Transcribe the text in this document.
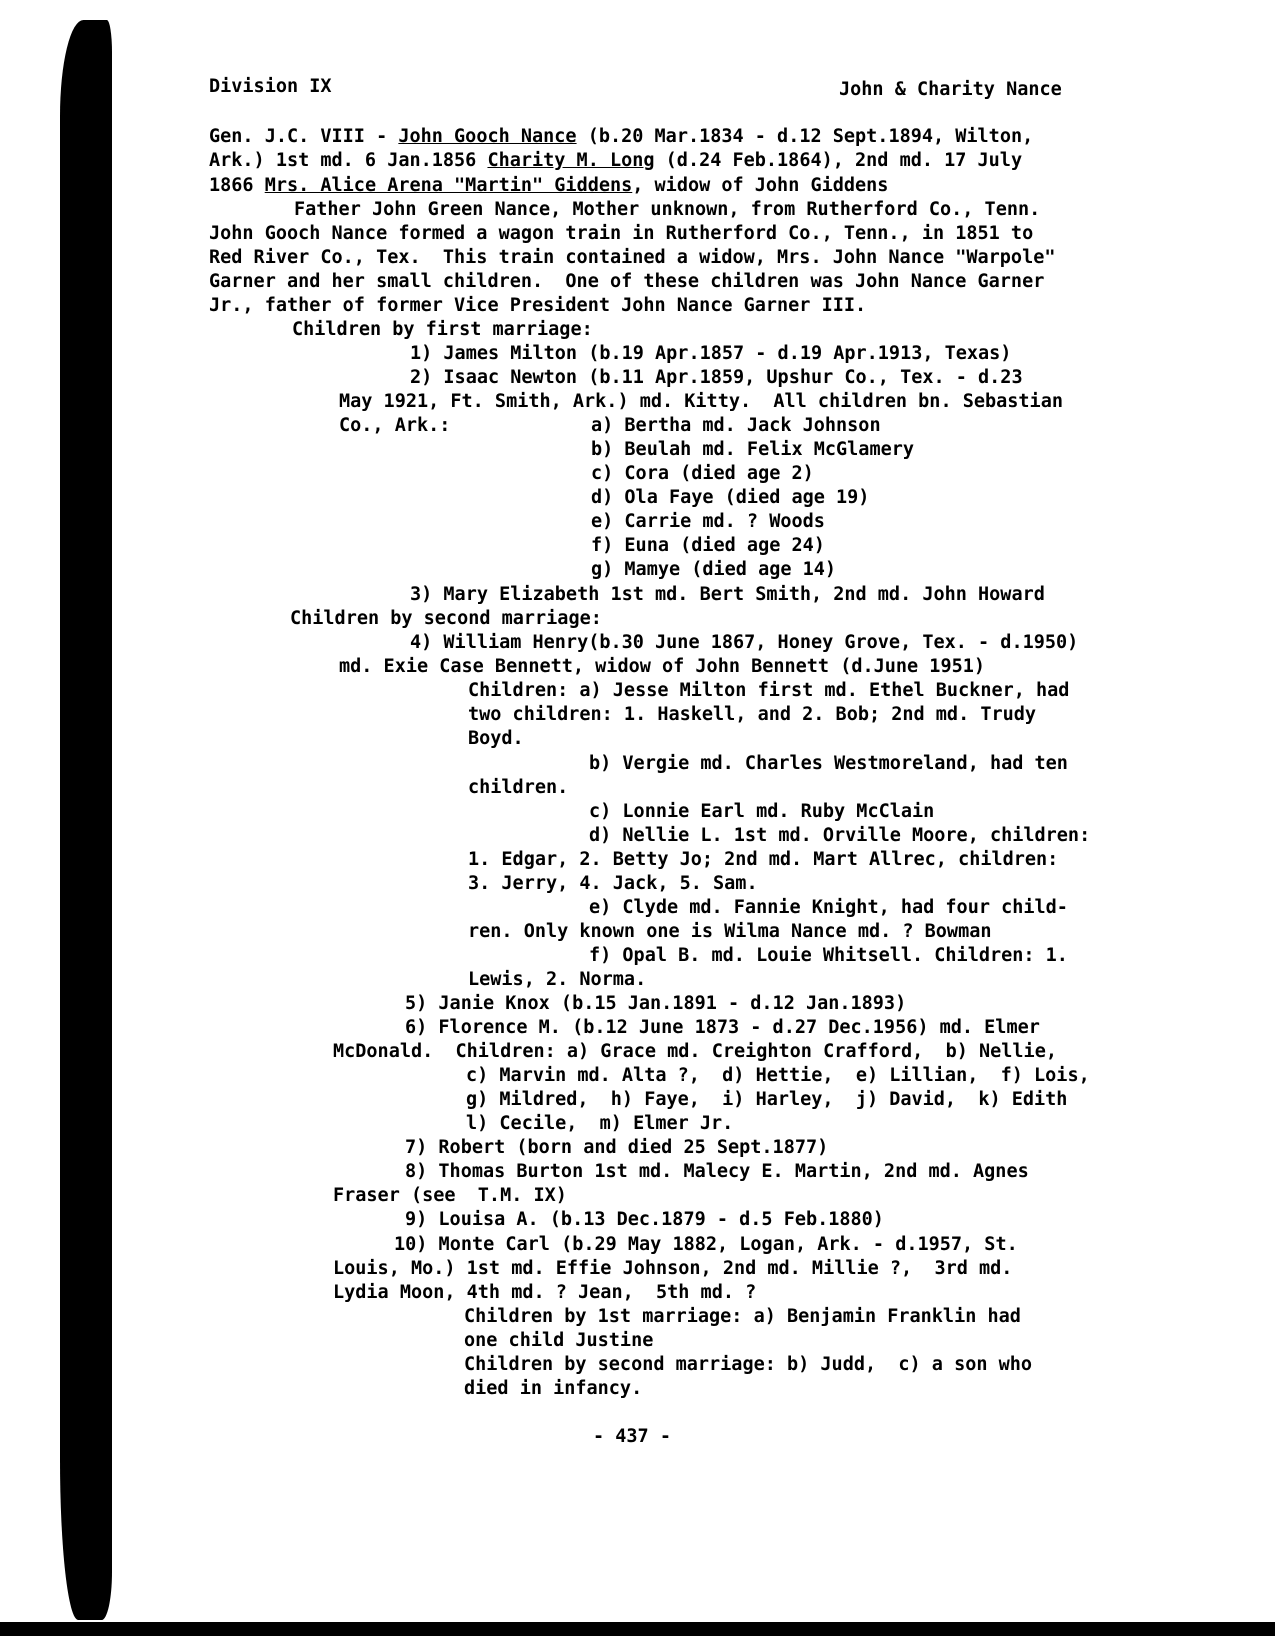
Division IX	John & Charity Nance
Gen. J.C. VIII - John Gooch Nance (b.20 Mar.1834 - d.12 Sept.1894, Wilton,
Ark.) 1st md. 6 Jan.1856 Charity M. Long (d.24 Feb.1864), 2nd md. 17 July
1866 Mrs. Alice Arena "Martin" Giddens, widow of John Giddens
Father John Green Nance, Mother unknown, from Rutherford Co., Tenn.
John Gooch Nance formed a wagon train in Rutherford Co., Tenn., in 1851 to
Red River Co., Tex.  This train contained a widow, Mrs. John Nance "Warpole"
Garner and her small children.  One of these children was John Nance Garner
Jr., father of former Vice President John Nance Garner III.
Children by first marriage:
1) James Milton (b.19 Apr.1857 - d.19 Apr.1913, Texas)
2) Isaac Newton (b.11 Apr.1859, Upshur Co., Tex. - d.23
May 1921, Ft. Smith, Ark.) md. Kitty.  All children bn. Sebastian
Co., Ark.:	a) Bertha md. Jack Johnson
b) Beulah md. Felix McGlamery
c) Cora (died age 2)
d) Ola Faye (died age 19)
e) Carrie md. ? Woods
f) Euna (died age 24)
g) Mamye (died age 14)
3) Mary Elizabeth 1st md. Bert Smith, 2nd md. John Howard
Children by second marriage:
4) William Henry(b.30 June 1867, Honey Grove, Tex. - d.1950)
md. Exie Case Bennett, widow of John Bennett (d.June 1951)
Children: a) Jesse Milton first md. Ethel Buckner, had
two children: 1. Haskell, and 2. Bob; 2nd md. Trudy
Boyd.
b) Vergie md. Charles Westmoreland, had ten
children.
c) Lonnie Earl md. Ruby McClain
d) Nellie L. 1st md. Orville Moore, children:
1. Edgar, 2. Betty Jo; 2nd md. Mart Allrec, children:
3. Jerry, 4. Jack, 5. Sam.
e) Clyde md. Fannie Knight, had four child-
ren. Only known one is Wilma Nance md. ? Bowman
f) Opal B. md. Louie Whitsell. Children: 1.
Lewis, 2. Norma.
5) Janie Knox (b.15 Jan.1891 - d.12 Jan.1893)
6) Florence M. (b.12 June 1873 - d.27 Dec.1956) md. Elmer
McDonald.  Children: a) Grace md. Creighton Crafford,  b) Nellie,
c) Marvin md. Alta ?,  d) Hettie,  e) Lillian,  f) Lois,
g) Mildred,  h) Faye,  i) Harley,  j) David,  k) Edith
l) Cecile,  m) Elmer Jr.
7) Robert (born and died 25 Sept.1877)
8) Thomas Burton 1st md. Malecy E. Martin, 2nd md. Agnes
Fraser (see  T.M. IX)
9) Louisa A. (b.13 Dec.1879 - d.5 Feb.1880)
10) Monte Carl (b.29 May 1882, Logan, Ark. - d.1957, St.
Louis, Mo.) 1st md. Effie Johnson, 2nd md. Millie ?,  3rd md.
Lydia Moon, 4th md. ? Jean,  5th md. ?
Children by 1st marriage: a) Benjamin Franklin had
one child Justine
Children by second marriage: b) Judd,  c) a son who
died in infancy.
- 437 -
